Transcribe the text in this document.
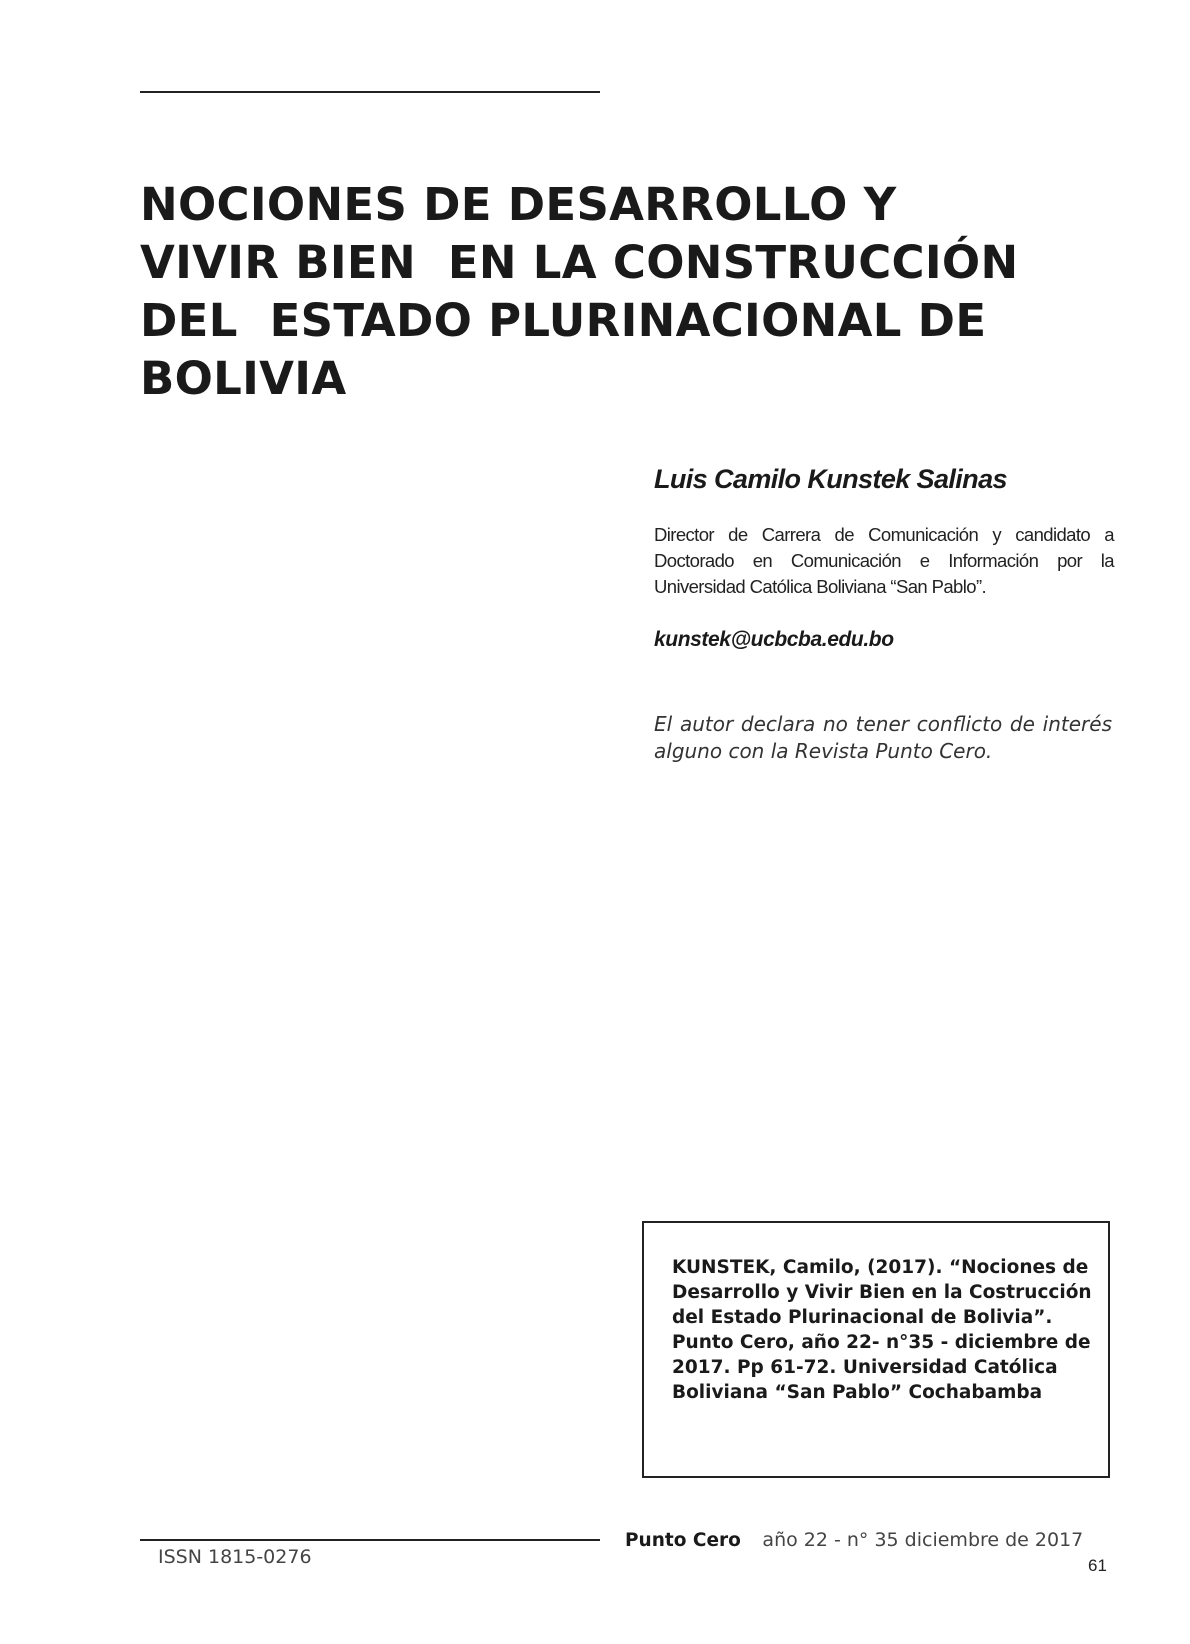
NOCIONES DE DESARROLLO Y
VIVIR BIEN  EN LA CONSTRUCCIÓN
DEL  ESTADO PLURINACIONAL DE
BOLIVIA

Luis Camilo Kunstek Salinas

Director de Carrera de Comunicación y candidato a Doctorado en Comunicación e Información por la Universidad Católica Boliviana “San Pablo”.
kunstek@ucbcba.edu.bo
El autor declara no tener conflicto de interés alguno con la Revista Punto Cero.
KUNSTEK, Camilo, (2017). “Nociones de Desarrollo y Vivir Bien en la Costrucción del Estado Plurinacional de Bolivia”. Punto Cero, año 22- n°35 - diciembre de 2017. Pp 61-72. Universidad Católica Boliviana “San Pablo” Cochabamba
Punto Cero año 22 - n° 35 diciembre de 2017
ISSN 1815-0276	61
